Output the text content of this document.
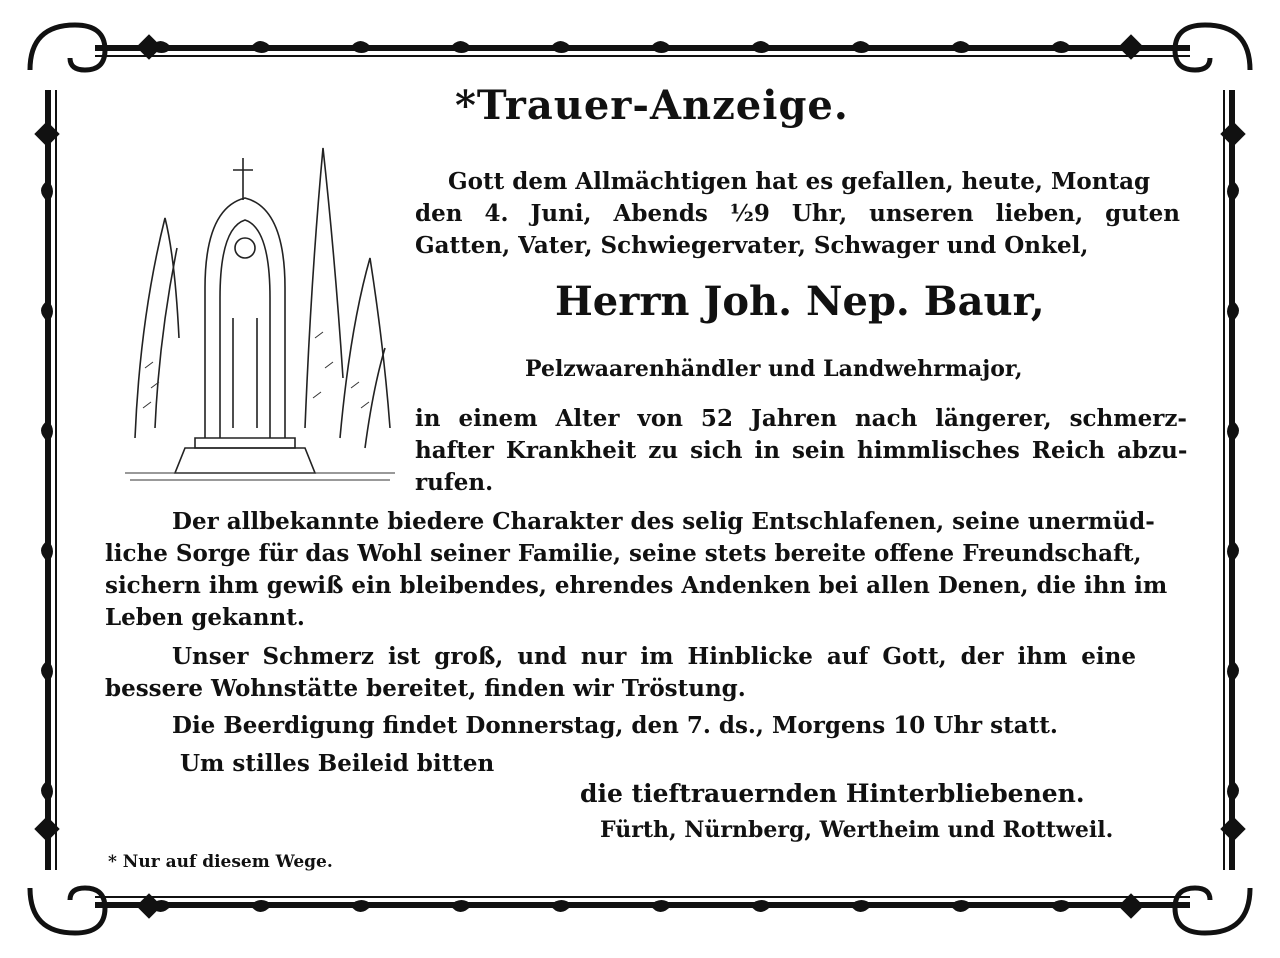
*Trauer-Anzeige.
Gott dem Allmächtigen hat es gefallen, heute, Montag
den 4. Juni, Abends ½9 Uhr, unseren lieben, guten
Gatten, Vater, Schwiegervater, Schwager und Onkel,
Herrn Joh. Nep. Baur,
Pelzwaarenhändler und Landwehrmajor,
in einem Alter von 52 Jahren nach längerer, schmerz-
hafter Krankheit zu sich in sein himmlisches Reich abzu-
rufen.
Der allbekannte biedere Charakter des selig Entschlafenen, seine unermüd-
liche Sorge für das Wohl seiner Familie, seine stets bereite offene Freundschaft,
sichern ihm gewiß ein bleibendes, ehrendes Andenken bei allen Denen, die ihn im
Leben gekannt.
Unser Schmerz ist groß, und nur im Hinblicke auf Gott, der ihm eine
bessere Wohnstätte bereitet, finden wir Tröstung.
Die Beerdigung findet Donnerstag, den 7. ds., Morgens 10 Uhr statt.
Um stilles Beileid bitten
die tieftrauernden Hinterbliebenen.
Fürth, Nürnberg, Wertheim und Rottweil.
* Nur auf diesem Wege.
